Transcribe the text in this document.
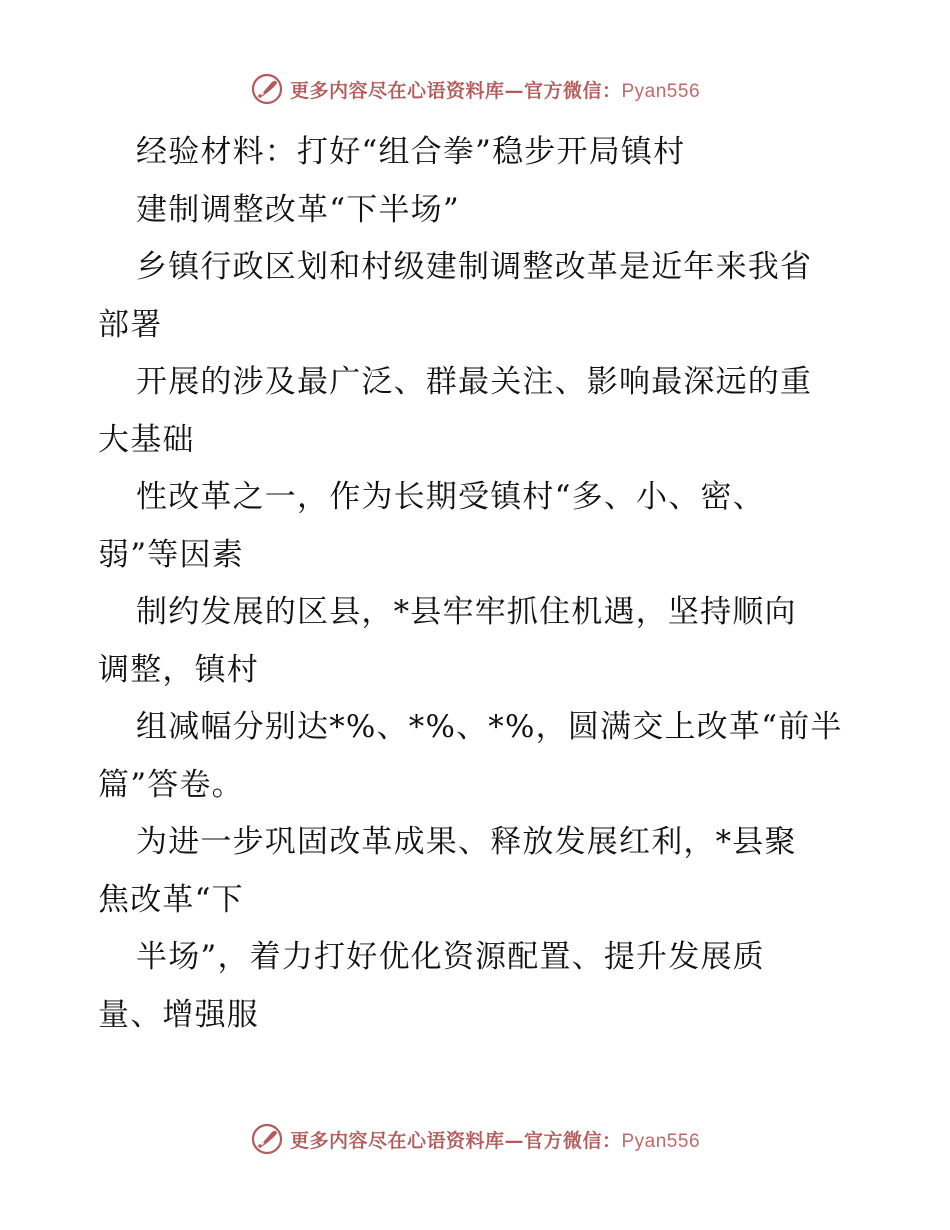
更多内容尽在心语资料库—官方微信：Pyan556
经验材料：打好“组合拳”稳步开局镇村
建制调整改革“下半场”
乡镇行政区划和村级建制调整改革是近年来我省
部署
开展的涉及最广泛、群最关注、影响最深远的重
大基础
性改革之一，作为长期受镇村“多、小、密、
弱”等因素
制约发展的区县，*县牢牢抓住机遇，坚持顺向
调整，镇村
组减幅分别达*%、*%、*%，圆满交上改革“前半
篇”答卷。
为进一步巩固改革成果、释放发展红利，*县聚
焦改革“下
半场”，着力打好优化资源配置、提升发展质
量、增强服
更多内容尽在心语资料库—官方微信：Pyan556
